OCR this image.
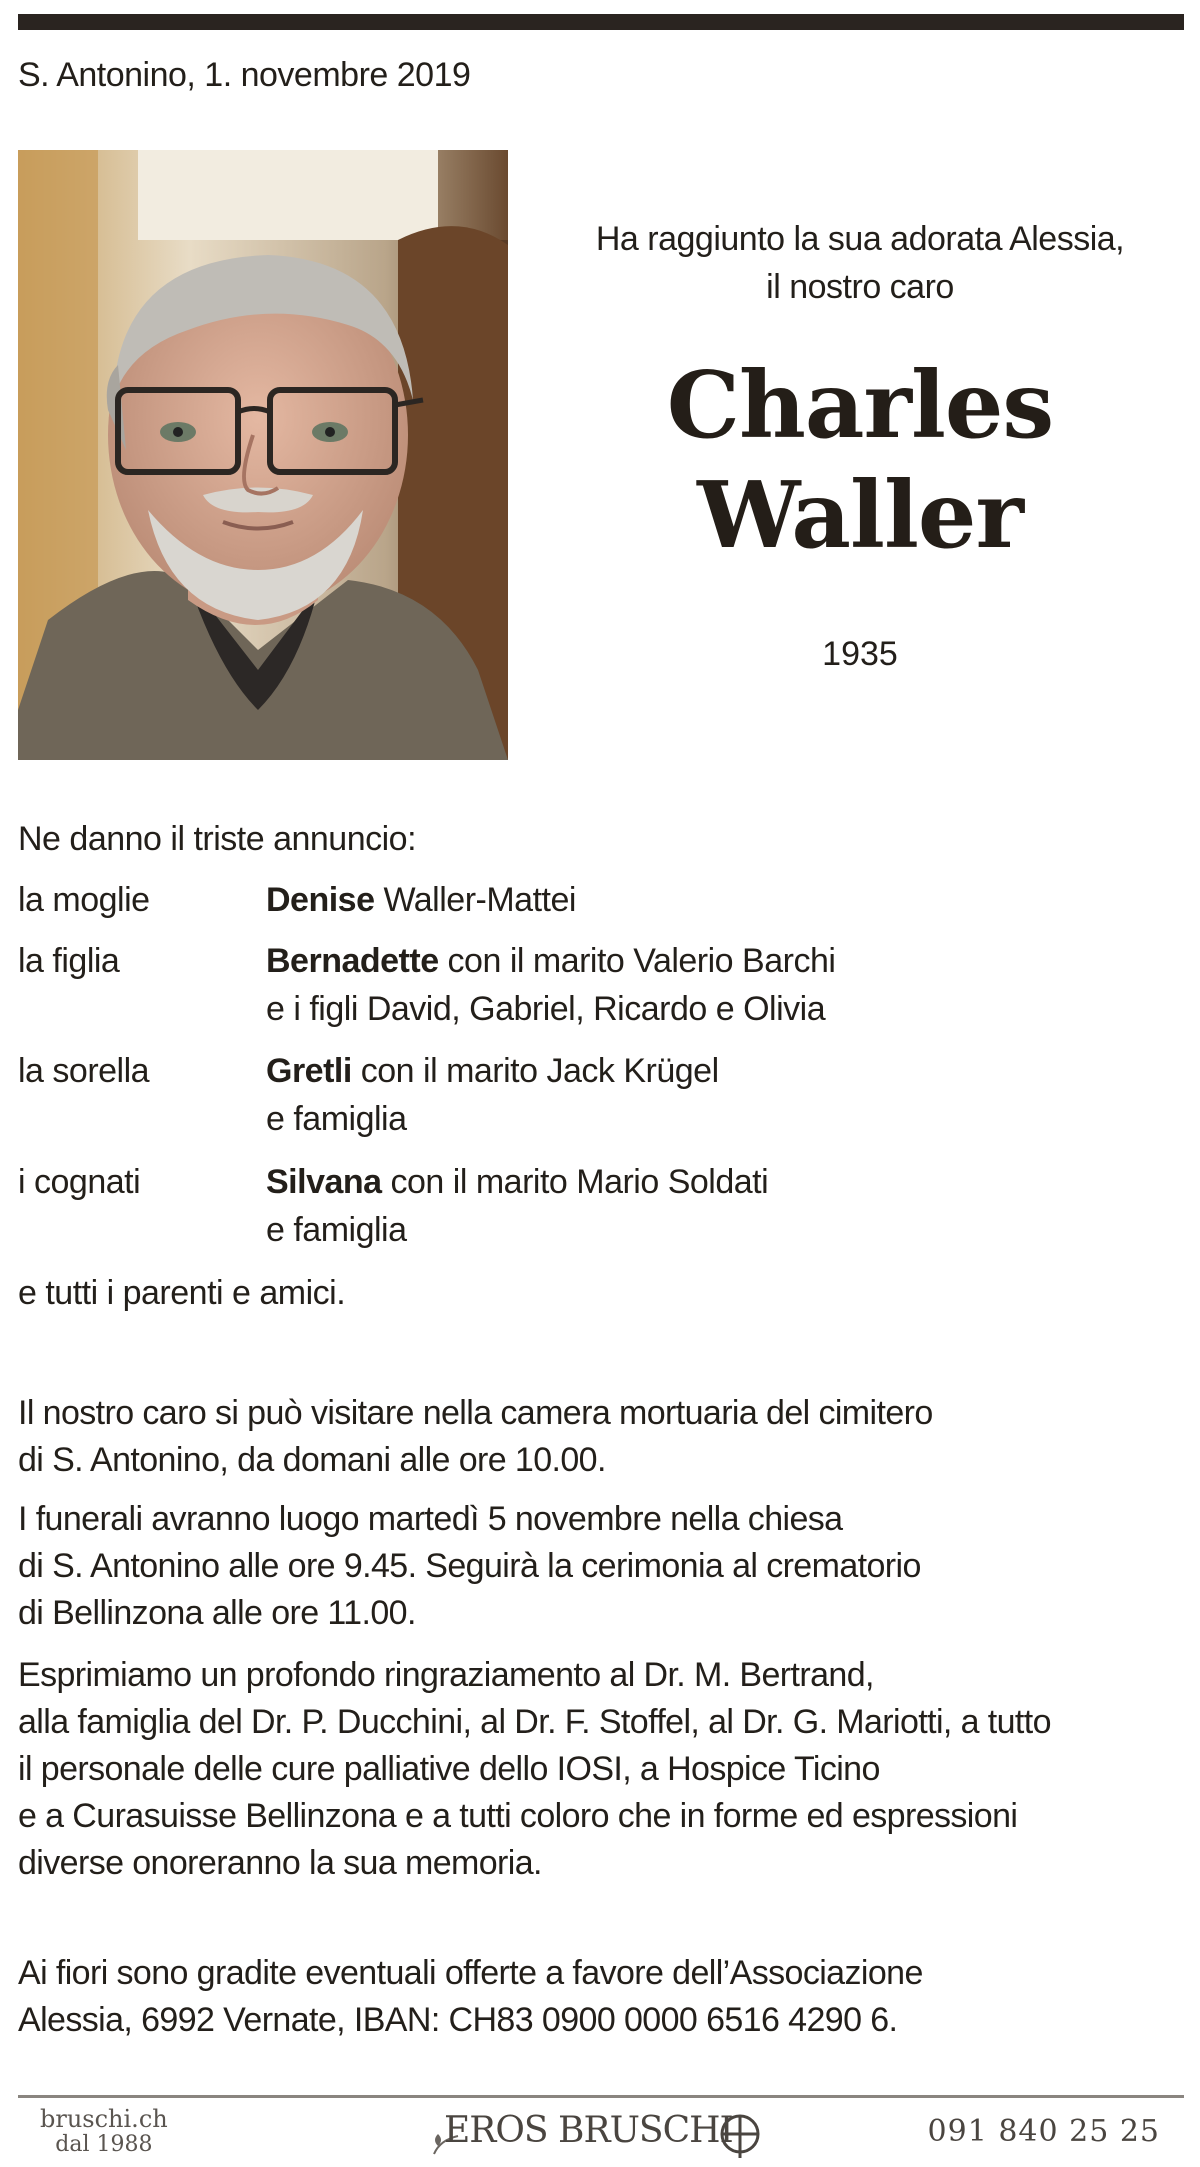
S. Antonino, 1. novembre 2019
Ha raggiunto la sua adorata Alessia,
il nostro caro
Charles
Waller
1935
Ne danno il triste annuncio:
la moglie	Denise Waller-Mattei
la figlia	Bernadette con il marito Valerio Barchi
e i figli David, Gabriel, Ricardo e Olivia
la sorella	Gretli con il marito Jack Krügel
e famiglia
i cognati	Silvana con il marito Mario Soldati
e famiglia
e tutti i parenti e amici.
Il nostro caro si può visitare nella camera mortuaria del cimitero
di S. Antonino, da domani alle ore 10.00.
I funerali avranno luogo martedì 5 novembre nella chiesa
di S. Antonino alle ore 9.45. Seguirà la cerimonia al crematorio
di Bellinzona alle ore 11.00.
Esprimiamo un profondo ringraziamento al Dr. M. Bertrand,
alla famiglia del Dr. P. Ducchini, al Dr. F. Stoffel, al Dr. G. Mariotti, a tutto
il personale delle cure palliative dello IOSI, a Hospice Ticino
e a Curasuisse Bellinzona e a tutti coloro che in forme ed espressioni
diverse onoreranno la sua memoria.
Ai fiori sono gradite eventuali offerte a favore dell’Associazione
Alessia, 6992 Vernate, IBAN: CH83 0900 0000 6516 4290 6.
bruschi.ch
dal 1988	EROS BRUSCHI	091 840 25 25
